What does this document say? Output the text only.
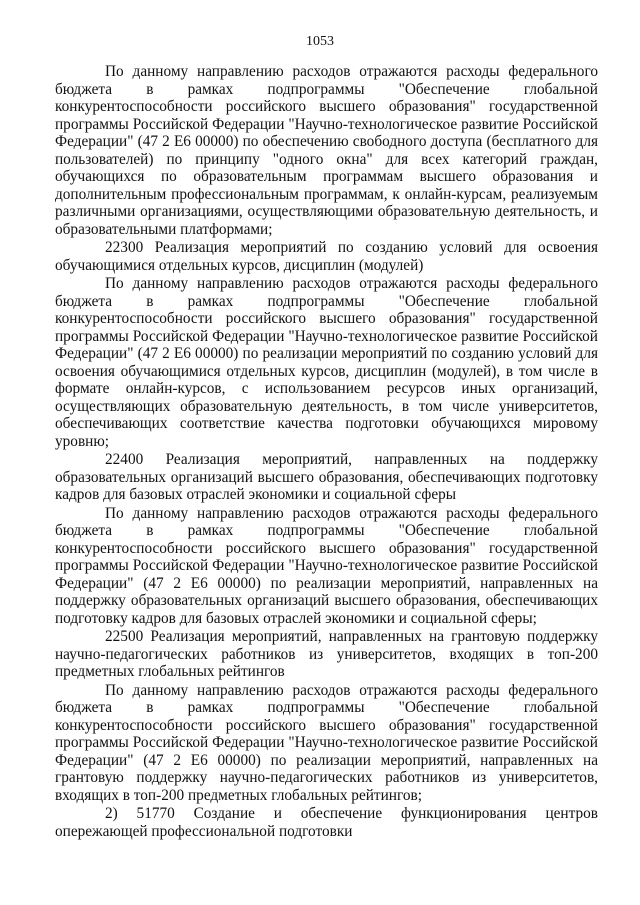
1053

По данному направлению расходов отражаются расходы федерального бюджета в рамках подпрограммы "Обеспечение глобальной конкурентоспособности российского высшего образования" государственной программы Российской Федерации "Научно-технологическое развитие Российской Федерации" (47 2 Е6 00000) по обеспечению свободного доступа (бесплатного для пользователей) по принципу "одного окна" для всех категорий граждан, обучающихся по образовательным программам высшего образования и дополнительным профессиональным программам, к онлайн-курсам, реализуемым различными организациями, осуществляющими образовательную деятельность, и образовательными платформами;

22300 Реализация мероприятий по созданию условий для освоения обучающимися отдельных курсов, дисциплин (модулей)

По данному направлению расходов отражаются расходы федерального бюджета в рамках подпрограммы "Обеспечение глобальной конкурентоспособности российского высшего образования" государственной программы Российской Федерации "Научно-технологическое развитие Российской Федерации" (47 2 Е6 00000) по реализации мероприятий по созданию условий для освоения обучающимися отдельных курсов, дисциплин (модулей), в том числе в формате онлайн-курсов, с использованием ресурсов иных организаций, осуществляющих образовательную деятельность, в том числе университетов, обеспечивающих соответствие качества подготовки обучающихся мировому уровню;

22400 Реализация мероприятий, направленных на поддержку образовательных организаций высшего образования, обеспечивающих подготовку кадров для базовых отраслей экономики и социальной сферы

По данному направлению расходов отражаются расходы федерального бюджета в рамках подпрограммы "Обеспечение глобальной конкурентоспособности российского высшего образования" государственной программы Российской Федерации "Научно-технологическое развитие Российской Федерации" (47 2 Е6 00000) по реализации мероприятий, направленных на поддержку образовательных организаций высшего образования, обеспечивающих подготовку кадров для базовых отраслей экономики и социальной сферы;

22500 Реализация мероприятий, направленных на грантовую поддержку научно-педагогических работников из университетов, входящих в топ-200 предметных глобальных рейтингов

По данному направлению расходов отражаются расходы федерального бюджета в рамках подпрограммы "Обеспечение глобальной конкурентоспособности российского высшего образования" государственной программы Российской Федерации "Научно-технологическое развитие Российской Федерации" (47 2 Е6 00000) по реализации мероприятий, направленных на грантовую поддержку научно-педагогических работников из университетов, входящих в топ-200 предметных глобальных рейтингов;

2) 51770 Создание и обеспечение функционирования центров опережающей профессиональной подготовки
